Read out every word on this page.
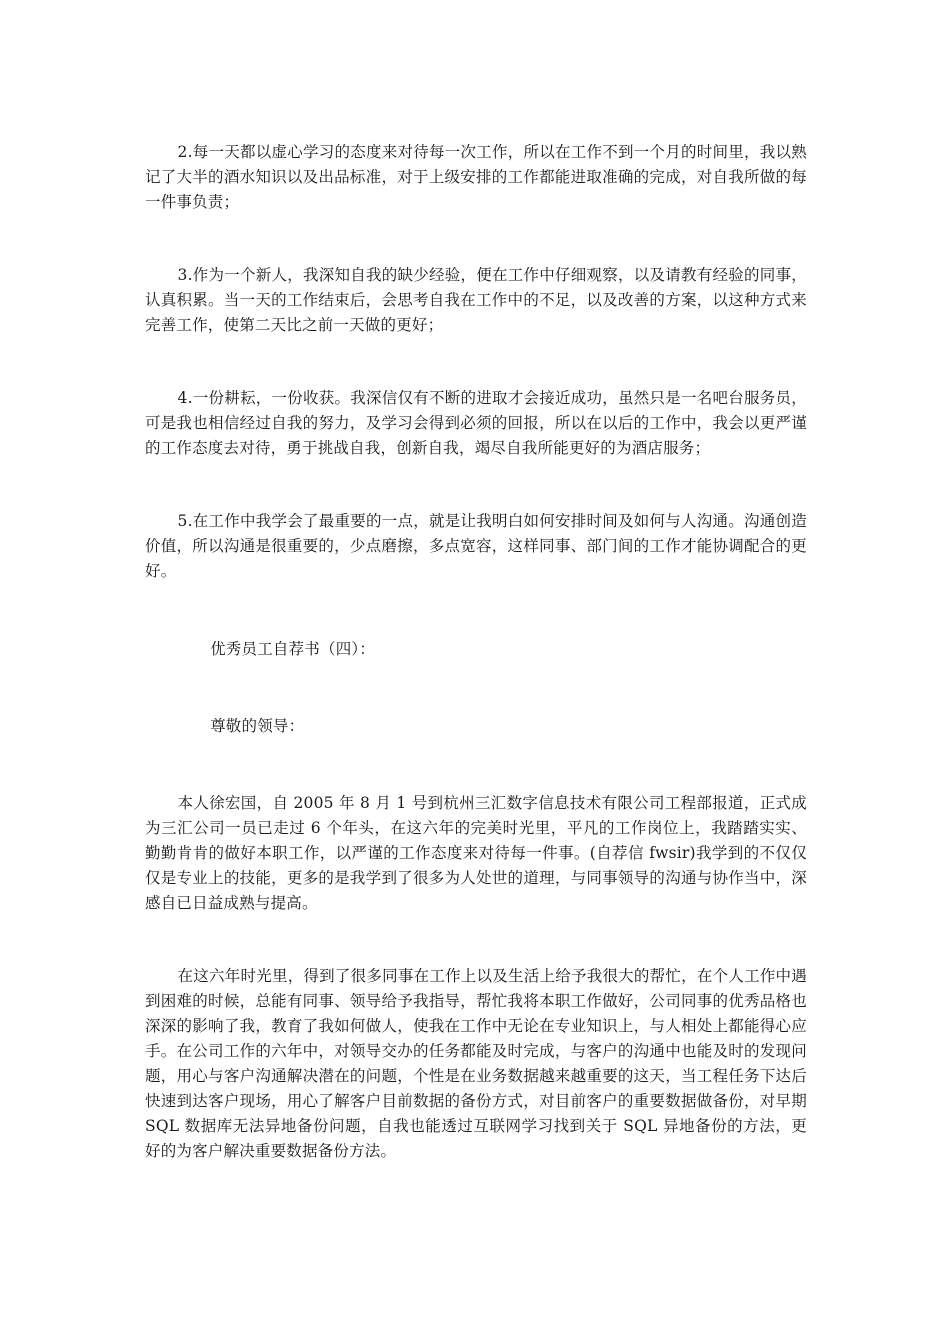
2.每一天都以虚心学习的态度来对待每一次工作，所以在工作不到一个月的时间里，我以熟记了大半的酒水知识以及出品标准，对于上级安排的工作都能进取准确的完成，对自我所做的每一件事负责；

3.作为一个新人，我深知自我的缺少经验，便在工作中仔细观察，以及请教有经验的同事，认真积累。当一天的工作结束后，会思考自我在工作中的不足，以及改善的方案，以这种方式来完善工作，使第二天比之前一天做的更好；

4.一份耕耘，一份收获。我深信仅有不断的进取才会接近成功，虽然只是一名吧台服务员，可是我也相信经过自我的努力，及学习会得到必须的回报，所以在以后的工作中，我会以更严谨的工作态度去对待，勇于挑战自我，创新自我，竭尽自我所能更好的为酒店服务；

5.在工作中我学会了最重要的一点，就是让我明白如何安排时间及如何与人沟通。沟通创造价值，所以沟通是很重要的，少点磨擦，多点宽容，这样同事、部门间的工作才能协调配合的更好。

优秀员工自荐书（四）：

尊敬的领导：

本人徐宏国，自 2005 年 8 月 1 号到杭州三汇数字信息技术有限公司工程部报道，正式成为三汇公司一员已走过 6 个年头，在这六年的完美时光里，平凡的工作岗位上，我踏踏实实、勤勤肯肯的做好本职工作，以严谨的工作态度来对待每一件事。(自荐信 fwsir)我学到的不仅仅仅是专业上的技能，更多的是我学到了很多为人处世的道理，与同事领导的沟通与协作当中，深感自已日益成熟与提高。

在这六年时光里，得到了很多同事在工作上以及生活上给予我很大的帮忙，在个人工作中遇到困难的时候，总能有同事、领导给予我指导，帮忙我将本职工作做好，公司同事的优秀品格也深深的影响了我，教育了我如何做人，使我在工作中无论在专业知识上，与人相处上都能得心应手。在公司工作的六年中，对领导交办的任务都能及时完成，与客户的沟通中也能及时的发现问题，用心与客户沟通解决潜在的问题，个性是在业务数据越来越重要的这天，当工程任务下达后快速到达客户现场，用心了解客户目前数据的备份方式，对目前客户的重要数据做备份，对早期 SQL 数据库无法异地备份问题，自我也能透过互联网学习找到关于 SQL 异地备份的方法，更好的为客户解决重要数据备份方法。
